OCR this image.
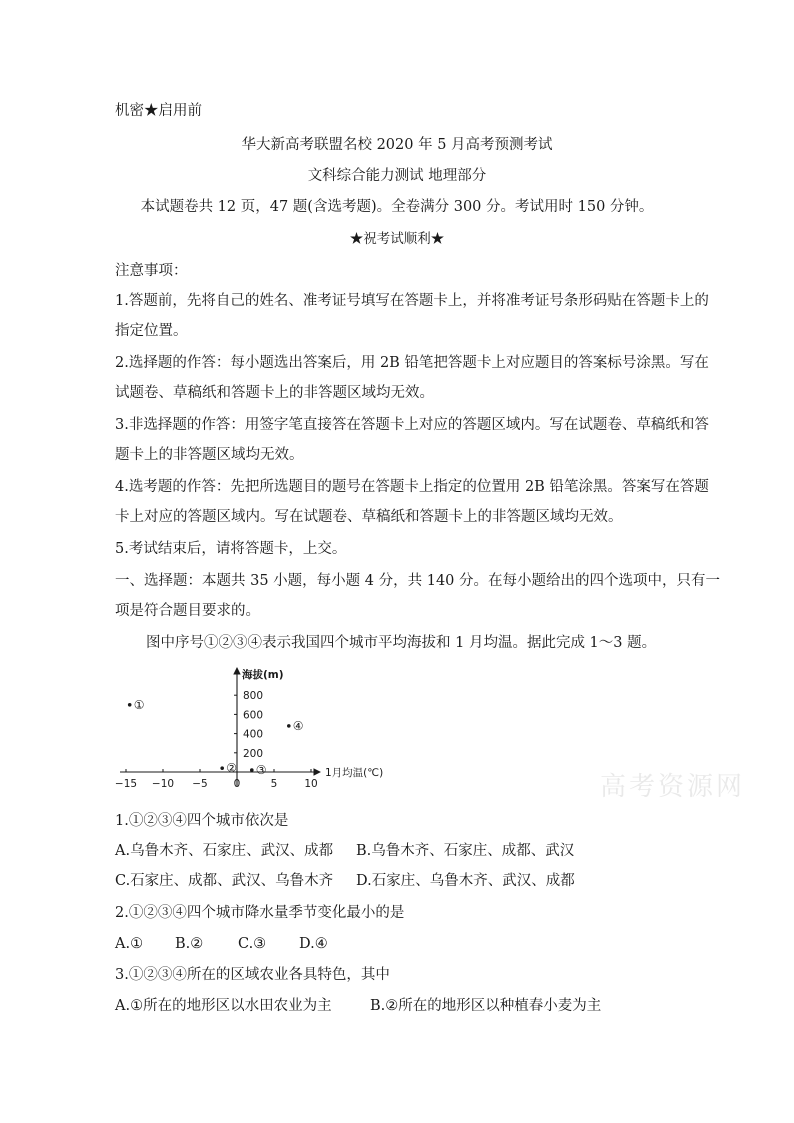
机密★启用前
华大新高考联盟名校 2020 年 5 月高考预测考试
文科综合能力测试 地理部分
本试题卷共 12 页，47 题(含选考题)。全卷满分 300 分。考试用时 150 分钟。
★祝考试顺利★
注意事项：
1.答题前，先将自己的姓名、准考证号填写在答题卡上，并将准考证号条形码贴在答题卡上的
指定位置。
2.选择题的作答：每小题选出答案后，用 2B 铅笔把答题卡上对应题目的答案标号涂黑。写在
试题卷、草稿纸和答题卡上的非答题区域均无效。
3.非选择题的作答：用签字笔直接答在答题卡上对应的答题区域内。写在试题卷、草稿纸和答
题卡上的非答题区域均无效。
4.选考题的作答：先把所选题目的题号在答题卡上指定的位置用 2B 铅笔涂黑。答案写在答题
卡上对应的答题区域内。写在试题卷、草稿纸和答题卡上的非答题区域均无效。
5.考试结束后，请将答题卡，上交。
一、选择题：本题共 35 小题，每小题 4 分，共 140 分。在每小题给出的四个选项中，只有一
项是符合题目要求的。
图中序号①②③④表示我国四个城市平均海拔和 1 月均温。据此完成 1～3 题。
1月均温(℃)
海拔(m)
−15 −10 −5 0	5	10
200
400
600
800
①
② ③
④
1.①②③④四个城市依次是
A.乌鲁木齐、石家庄、武汉、成都 B.乌鲁木齐、石家庄、成都、武汉
C.石家庄、成都、武汉、乌鲁木齐 D.石家庄、乌鲁木齐、武汉、成都
2.①②③④四个城市降水量季节变化最小的是
A.① B.② C.③ D.④
3.①②③④所在的区域农业各具特色，其中
A.①所在的地形区以水田农业为主	B.②所在的地形区以种植春小麦为主
高考资源网
